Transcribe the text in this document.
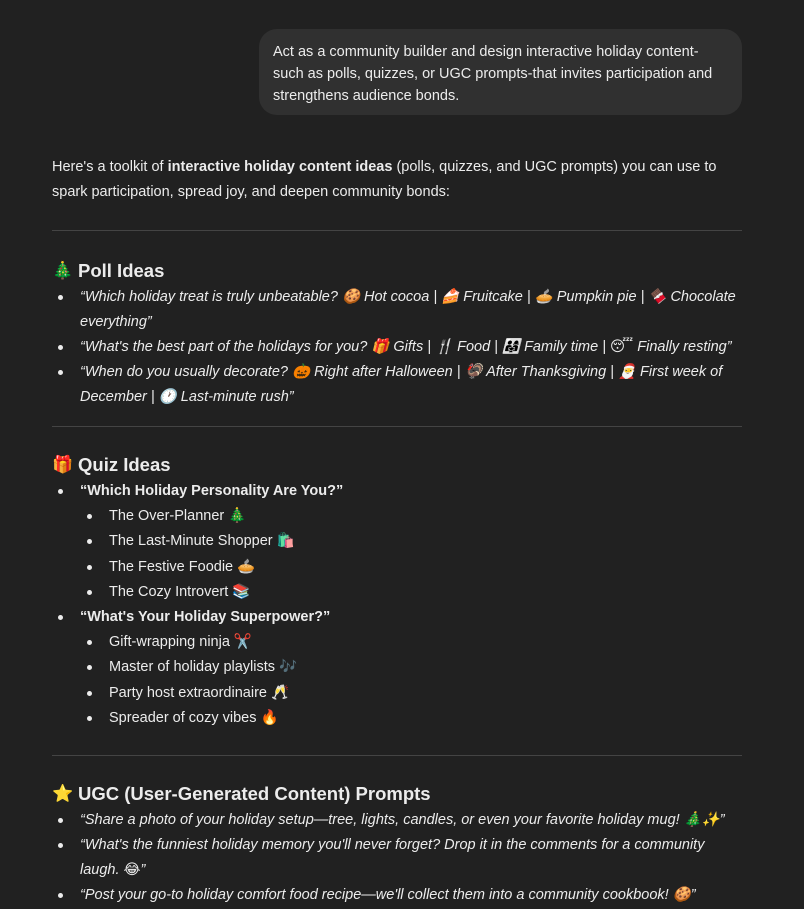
Act as a community builder and design interactive holiday content-such as polls, quizzes, or UGC prompts-that invites participation and strengthens audience bonds.

Here's a toolkit of interactive holiday content ideas (polls, quizzes, and UGC prompts) you can use to spark participation, spread joy, and deepen community bonds:

🎄 Poll Ideas
“Which holiday treat is truly unbeatable? 🍪 Hot cocoa | 🍰 Fruitcake | 🥧 Pumpkin pie | 🍫 Chocolate everything”
“What's the best part of the holidays for you? 🎁 Gifts | 🍴 Food | 👨‍👩‍👧 Family time | 😴 Finally resting”
“When do you usually decorate? 🎃 Right after Halloween | 🦃 After Thanksgiving | 🎅 First week of December | 🕐 Last-minute rush”
🎁 Quiz Ideas
“Which Holiday Personality Are You?”
The Over-Planner 🎄
The Last-Minute Shopper 🛍️
The Festive Foodie 🥧
The Cozy Introvert 📚
“What's Your Holiday Superpower?”
Gift-wrapping ninja ✂️
Master of holiday playlists 🎶
Party host extraordinaire 🥂
Spreader of cozy vibes 🔥
⭐ UGC (User-Generated Content) Prompts
“Share a photo of your holiday setup—tree, lights, candles, or even your favorite holiday mug! 🎄✨”
“What's the funniest holiday memory you'll never forget? Drop it in the comments for a community laugh. 😂”
“Post your go-to holiday comfort food recipe—we'll collect them into a community cookbook! 🍪”
